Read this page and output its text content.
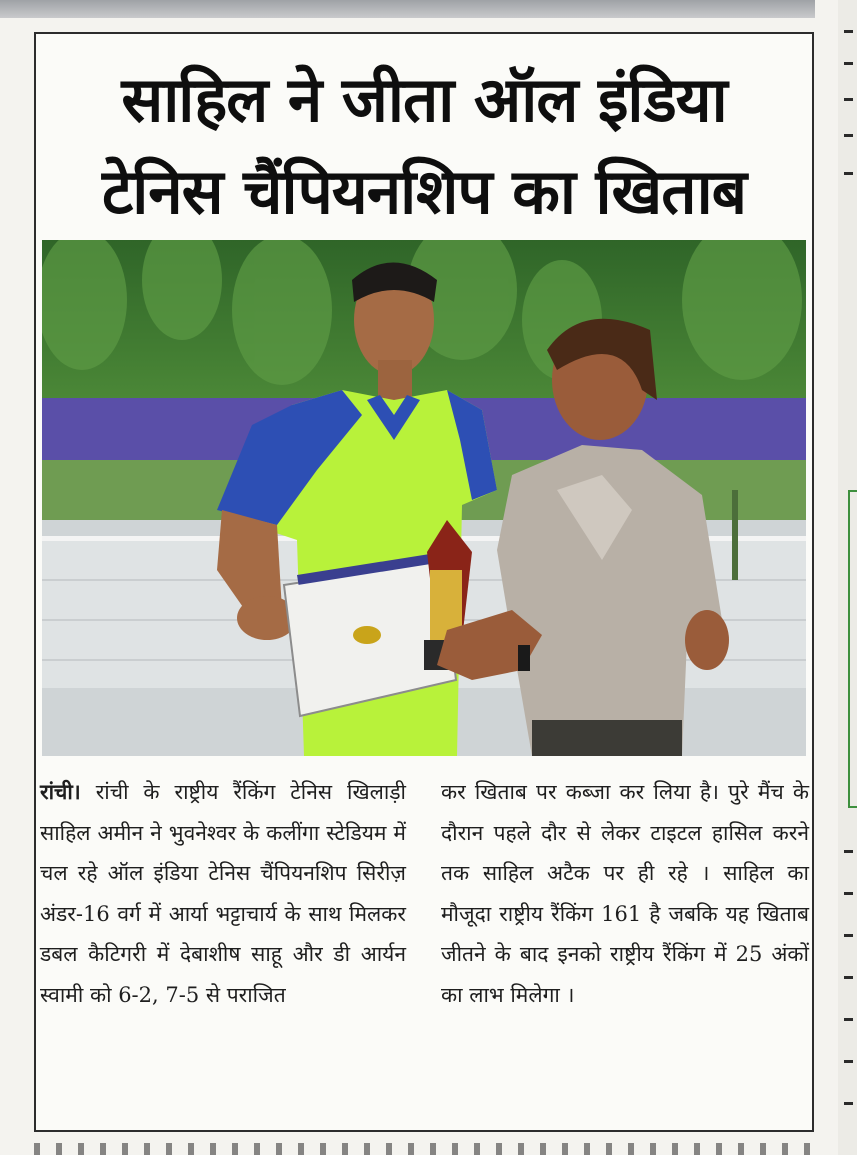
साहिल ने जीता ऑल इंडिया
टेनिस चैंपियनशिप का खिताब

रांची। रांची के राष्ट्रीय रैंकिंग टेनिस खिलाड़ी साहिल अमीन ने भुवनेश्वर के कलींगा स्टेडियम में चल रहे ऑल इंडिया टेनिस चैंपियनशिप सिरीज़ अंडर-16 वर्ग में आर्या भट्टाचार्य के साथ मिलकर डबल कैटिगरी में देबाशीष साहू और डी आर्यन स्वामी को 6-2, 7-5 से पराजित

कर खिताब पर कब्जा कर लिया है। पुरे मैंच के दौरान पहले दौर से लेकर टाइटल हासिल करने तक साहिल अटैक पर ही रहे । साहिल का मौजूदा राष्ट्रीय रैंकिंग 161 है जबकि यह खिताब जीतने के बाद इनको राष्ट्रीय रैंकिंग में 25 अंकों का लाभ मिलेगा ।
